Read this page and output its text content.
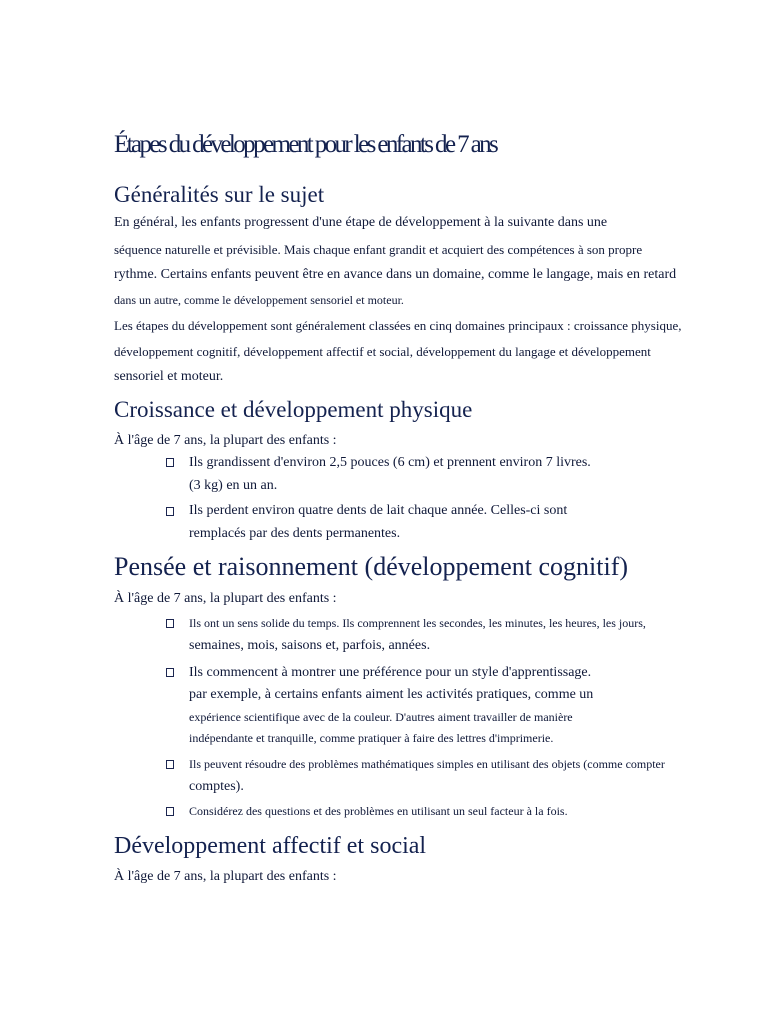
Étapes du développement pour les enfants de 7 ans
Généralités sur le sujet
En général, les enfants progressent d'une étape de développement à la suivante dans une
séquence naturelle et prévisible. Mais chaque enfant grandit et acquiert des compétences à son propre
rythme. Certains enfants peuvent être en avance dans un domaine, comme le langage, mais en retard
dans un autre, comme le développement sensoriel et moteur.
Les étapes du développement sont généralement classées en cinq domaines principaux : croissance physique,
développement cognitif, développement affectif et social, développement du langage et développement
sensoriel et moteur.
Croissance et développement physique
À l'âge de 7 ans, la plupart des enfants :
Ils grandissent d'environ 2,5 pouces (6 cm) et prennent environ 7 livres.
(3 kg) en un an.
Ils perdent environ quatre dents de lait chaque année. Celles-ci sont
remplacés par des dents permanentes.
Pensée et raisonnement (développement cognitif)
À l'âge de 7 ans, la plupart des enfants :
Ils ont un sens solide du temps. Ils comprennent les secondes, les minutes, les heures, les jours,
semaines, mois, saisons et, parfois, années.
Ils commencent à montrer une préférence pour un style d'apprentissage.
par exemple, à certains enfants aiment les activités pratiques, comme un
expérience scientifique avec de la couleur. D'autres aiment travailler de manière
indépendante et tranquille, comme pratiquer à faire des lettres d'imprimerie.
Ils peuvent résoudre des problèmes mathématiques simples en utilisant des objets (comme compter
comptes).
Considérez des questions et des problèmes en utilisant un seul facteur à la fois.
Développement affectif et social
À l'âge de 7 ans, la plupart des enfants :
